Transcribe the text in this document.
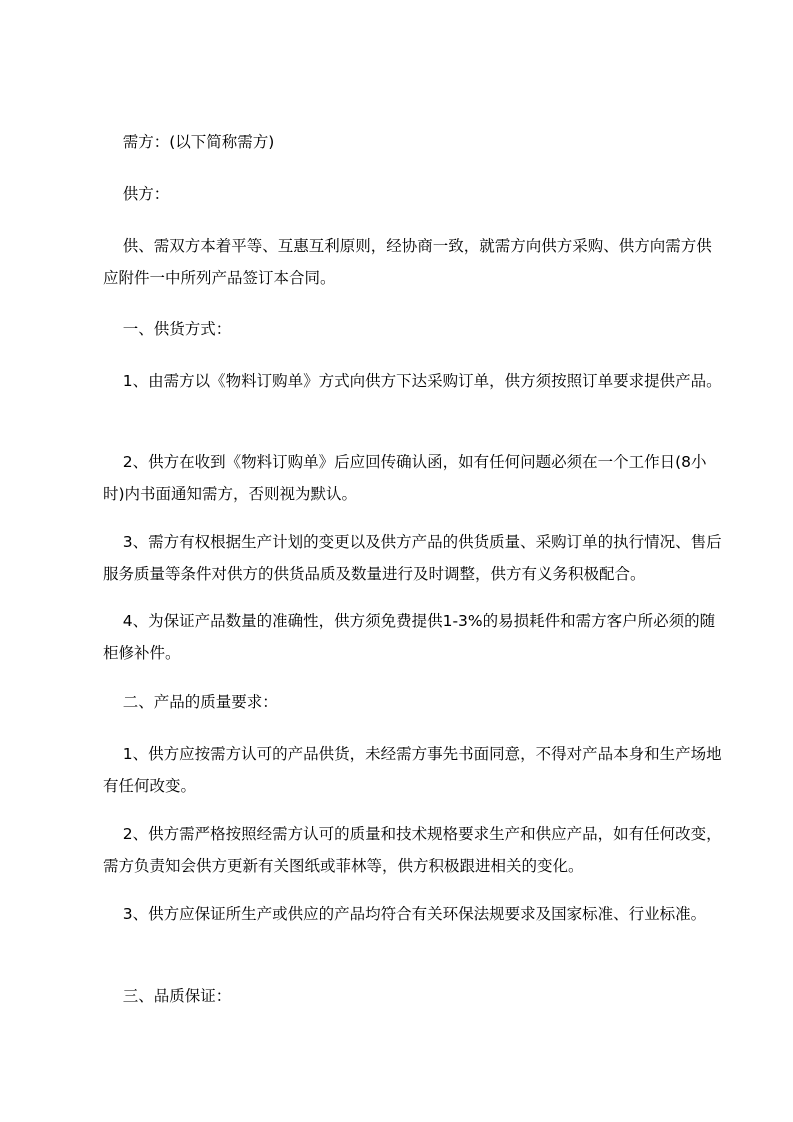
需方：(以下简称需方)

供方：

供、需双方本着平等、互惠互利原则，经协商一致，就需方向供方采购、供方向需方供应附件一中所列产品签订本合同。

一、供货方式：

1、由需方以《物料订购单》方式向供方下达采购订单，供方须按照订单要求提供产品。

2、供方在收到《物料订购单》后应回传确认函，如有任何问题必须在一个工作日(8小时)内书面通知需方，否则视为默认。

3、需方有权根据生产计划的变更以及供方产品的供货质量、采购订单的执行情况、售后服务质量等条件对供方的供货品质及数量进行及时调整，供方有义务积极配合。

4、为保证产品数量的准确性，供方须免费提供1-3%的易损耗件和需方客户所必须的随柜修补件。

二、产品的质量要求：

1、供方应按需方认可的产品供货，未经需方事先书面同意，不得对产品本身和生产场地有任何改变。

2、供方需严格按照经需方认可的质量和技术规格要求生产和供应产品，如有任何改变，需方负责知会供方更新有关图纸或菲林等，供方积极跟进相关的变化。

3、供方应保证所生产或供应的产品均符合有关环保法规要求及国家标准、行业标准。

三、品质保证：
